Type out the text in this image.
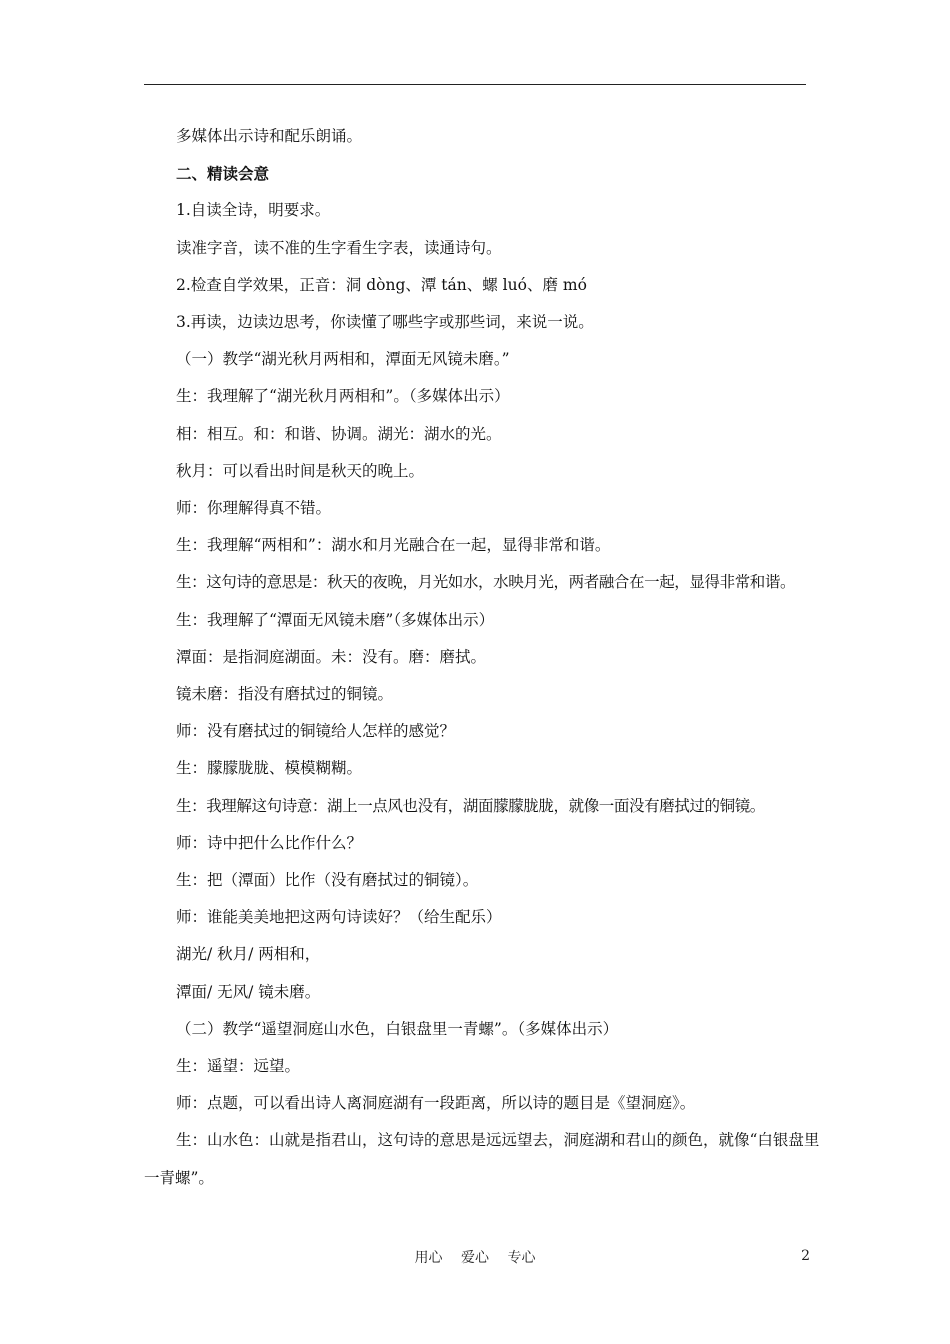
多媒体出示诗和配乐朗诵。

二、精读会意

1.自读全诗，明要求。

读准字音，读不准的生字看生字表，读通诗句。

2.检查自学效果，正音：洞 dòng、潭 tán、螺 luó、磨 mó

3.再读，边读边思考，你读懂了哪些字或那些词，来说一说。

（一）教学“湖光秋月两相和，潭面无风镜未磨。”

生：我理解了“湖光秋月两相和”。（多媒体出示）

相：相互。和：和谐、协调。湖光：湖水的光。

秋月：可以看出时间是秋天的晚上。

师：你理解得真不错。

生：我理解“两相和”：湖水和月光融合在一起，显得非常和谐。

生：这句诗的意思是：秋天的夜晚，月光如水，水映月光，两者融合在一起，显得非常和谐。

生：我理解了“潭面无风镜未磨”（多媒体出示）

潭面：是指洞庭湖面。未：没有。磨：磨拭。

镜未磨：指没有磨拭过的铜镜。

师：没有磨拭过的铜镜给人怎样的感觉？

生：朦朦胧胧、模模糊糊。

生：我理解这句诗意：湖上一点风也没有，湖面朦朦胧胧，就像一面没有磨拭过的铜镜。

师：诗中把什么比作什么？

生：把（潭面）比作（没有磨拭过的铜镜）。

师：谁能美美地把这两句诗读好？（给生配乐）

湖光/ 秋月/ 两相和，

潭面/ 无风/ 镜未磨。

（二）教学“遥望洞庭山水色，白银盘里一青螺”。（多媒体出示）

生：遥望：远望。

师：点题，可以看出诗人离洞庭湖有一段距离，所以诗的题目是《望洞庭》。

生：山水色：山就是指君山，这句诗的意思是远远望去，洞庭湖和君山的颜色，就像“白银盘里一青螺”。

用心 爱心 专心	2
